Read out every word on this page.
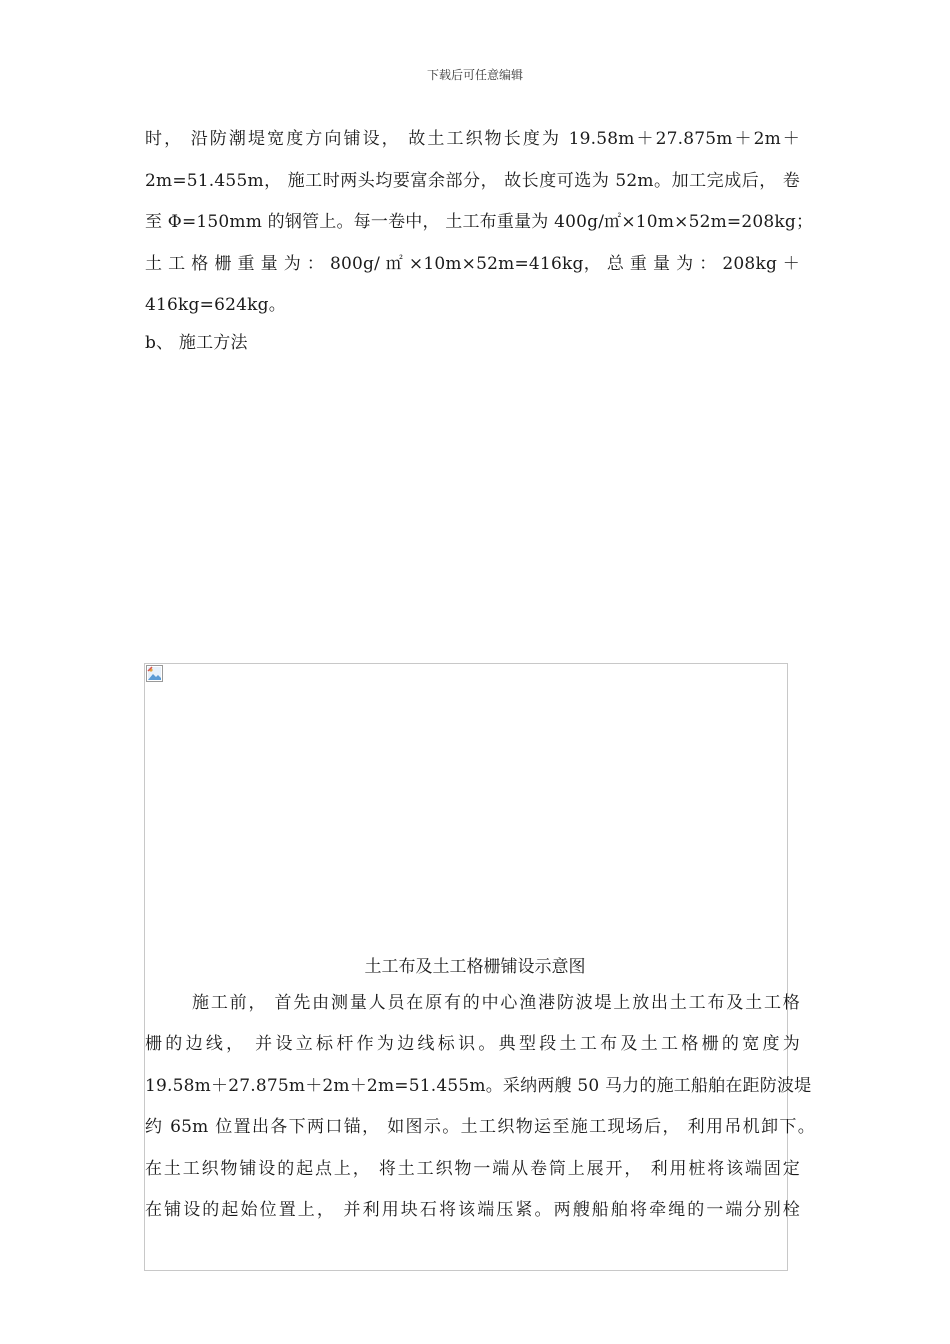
下载后可任意编辑
时， 沿防潮堤宽度方向铺设， 故土工织物长度为 19.58m＋27.875m＋2m＋
2m=51.455m， 施工时两头均要富余部分， 故长度可选为 52m。加工完成后， 卷
至 Φ=150mm 的钢管上。每一卷中， 土工布重量为 400g/㎡×10m×52m=208kg；
土 工 格 栅 重 量 为 ： 800g/ ㎡ ×10m×52m=416kg， 总 重 量 为 ： 208kg ＋
416kg=624kg。
b、 施工方法
土工布及土工格栅铺设示意图
施工前， 首先由测量人员在原有的中心渔港防波堤上放出土工布及土工格
栅的边线， 并设立标杆作为边线标识。典型段土工布及土工格栅的宽度为
19.58m＋27.875m＋2m＋2m=51.455m。采纳两艘 50 马力的施工船舶在距防波堤
约 65m 位置出各下两口锚， 如图示。土工织物运至施工现场后， 利用吊机卸下。
在土工织物铺设的起点上， 将土工织物一端从卷筒上展开， 利用桩将该端固定
在铺设的起始位置上， 并利用块石将该端压紧。两艘船舶将牵绳的一端分别栓
